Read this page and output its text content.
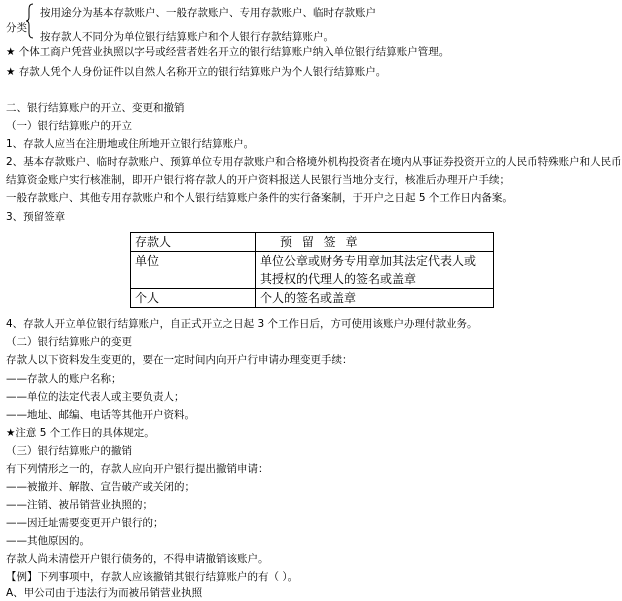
分类
按用途分为基本存款账户、一般存款账户、专用存款账户、临时存款账户
按存款人不同分为单位银行结算账户和个人银行存款结算账户。
★ 个体工商户凭营业执照以字号或经营者姓名开立的银行结算账户纳入单位银行结算账户管理。
★ 存款人凭个人身份证件以自然人名称开立的银行结算账户为个人银行结算账户。
二、银行结算账户的开立、变更和撤销
（一）银行结算账户的开立
1、存款人应当在注册地或住所地开立银行结算账户。
2、基本存款账户、临时存款账户、预算单位专用存款账户和合格境外机构投资者在境内从事证券投资开立的人民币特殊账户和人民币
结算资金账户实行核准制，即开户银行将存款人的开户资料报送人民银行当地分支行，核准后办理开户手续；
一般存款账户、其他专用存款账户和个人银行结算账户条件的实行备案制，于开户之日起 5 个工作日内备案。
3、预留签章
存款人	预 留 签 章
单位	单位公章或财务专用章加其法定代表人或
其授权的代理人的签名或盖章

个人	个人的签名或盖章
4、存款人开立单位银行结算账户，自正式开立之日起 3 个工作日后，方可使用该账户办理付款业务。
（二）银行结算账户的变更
存款人以下资料发生变更的，要在一定时间内向开户行申请办理变更手续：
——存款人的账户名称；
——单位的法定代表人或主要负责人；
——地址、邮编、电话等其他开户资料。
★注意 5 个工作日的具体规定。
（三）银行结算账户的撤销
有下列情形之一的，存款人应向开户银行提出撤销申请：
——被撤并、解散、宣告破产或关闭的；
——注销、被吊销营业执照的；
——因迁址需要变更开户银行的；
——其他原因的。
存款人尚未清偿开户银行债务的，不得申请撤销该账户。
【例】下列事项中，存款人应该撤销其银行结算账户的有（ ）。
A、甲公司由于违法行为而被吊销营业执照
